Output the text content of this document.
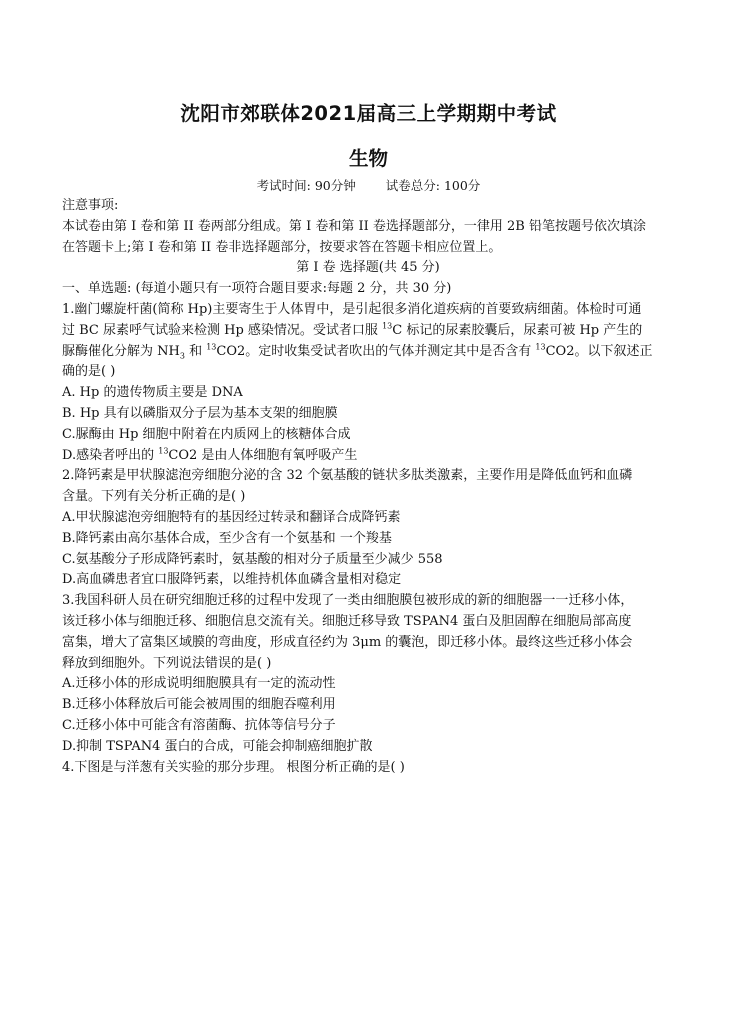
沈阳市郊联体2021届高三上学期期中考试
生物
考试时间: 90分钟 试卷总分: 100分
注意事项:
本试卷由第 I 卷和第 II 卷两部分组成。第 I 卷和第 II 卷选择题部分，一律用 2B 铅笔按题号依次填涂
在答题卡上;第 I 卷和第 II 卷非选择题部分，按要求答在答题卡相应位置上。
第 I 卷 选择题(共 45 分)
一、单选题: (每道小题只有一项符合题目要求:每题 2 分，共 30 分)
1.幽门螺旋杆菌(简称 Hp)主要寄生于人体胃中，是引起很多消化道疾病的首要致病细菌。体检时可通
过 BC 尿素呼气试验来检测 Hp 感染情况。受试者口服 $^{13}$C 标记的尿素胶囊后，尿素可被 Hp 产生的
脲酶催化分解为 $NH_3$ 和 $^{13}$CO2。定时收集受试者吹出的气体并测定其中是否含有 $^{13}$CO2。以下叙述正
确的是( )
A. Hp 的遗传物质主要是 DNA
B. Hp 具有以磷脂双分子层为基本支架的细胞膜
C.脲酶由 Hp 细胞中附着在内质网上的核糖体合成
D.感染者呼出的 $^{13}$CO2 是由人体细胞有氧呼吸产生
2.降钙素是甲状腺滤泡旁细胞分泌的含 32 个氨基酸的链状多肽类激素，主要作用是降低血钙和血磷
含量。下列有关分析正确的是( )
A.甲状腺滤泡旁细胞特有的基因经过转录和翻译合成降钙素
B.降钙素由高尔基体合成，至少含有一个氨基和 一个羧基
C.氨基酸分子形成降钙素时，氨基酸的相对分子质量至少减少 558
D.高血磷患者宜口服降钙素，以维持机体血磷含量相对稳定
3.我国科研人员在研究细胞迁移的过程中发现了一类由细胞膜包被形成的新的细胞器一一迁移小体，
该迁移小体与细胞迁移、细胞信息交流有关。细胞迁移导致 TSPAN4 蛋白及胆固醇在细胞局部高度
富集，增大了富集区域膜的弯曲度，形成直径约为 3μm 的囊泡，即迁移小体。最终这些迁移小体会
释放到细胞外。下列说法错误的是( )
A.迁移小体的形成说明细胞膜具有一定的流动性
B.迁移小体释放后可能会被周围的细胞吞噬利用
C.迁移小体中可能含有溶菌酶、抗体等信号分子
D.抑制 TSPAN4 蛋白的合成，可能会抑制癌细胞扩散
4.下图是与洋葱有关实验的那分步理。 根图分析正确的是( )
